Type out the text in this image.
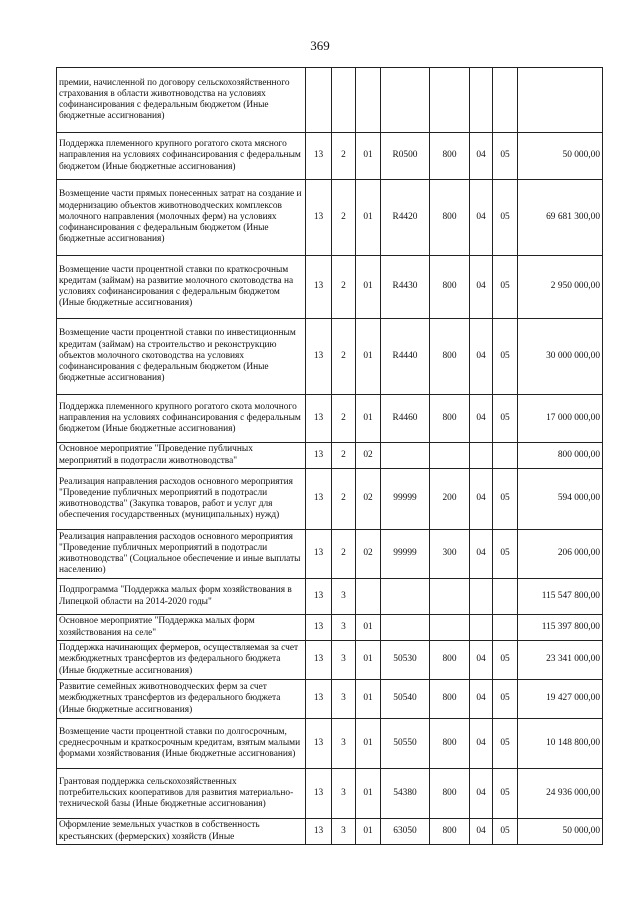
369
премии, начисленной по договору сельскохозяйственного страхования в области животноводства на условиях софинансирования с федеральным бюджетом (Иные бюджетные ассигнования)								
Поддержка племенного крупного рогатого скота мясного направления на условиях софинансирования с федеральным бюджетом (Иные бюджетные ассигнования)	13	2	01	R0500	800	04	05	50 000,00
Возмещение части прямых понесенных затрат на создание и модернизацию объектов животноводческих комплексов молочного направления (молочных ферм) на условиях софинансирования с федеральным бюджетом (Иные бюджетные ассигнования)	13	2	01	R4420	800	04	05	69 681 300,00
Возмещение части процентной ставки по краткосрочным кредитам (займам) на развитие молочного скотоводства на условиях софинансирования с федеральным бюджетом (Иные бюджетные ассигнования)	13	2	01	R4430	800	04	05	2 950 000,00
Возмещение части процентной ставки по инвестиционным кредитам (займам) на строительство и реконструкцию объектов молочного скотоводства на условиях софинансирования с федеральным бюджетом (Иные бюджетные ассигнования)	13	2	01	R4440	800	04	05	30 000 000,00
Поддержка племенного крупного рогатого скота молочного направления на условиях софинансирования с федеральным бюджетом (Иные бюджетные ассигнования)	13	2	01	R4460	800	04	05	17 000 000,00
Основное мероприятие "Проведение публичных мероприятий в подотрасли животноводства"	13	2	02					800 000,00
Реализация направления расходов основного мероприятия "Проведение публичных мероприятий в подотрасли животноводства" (Закупка товаров, работ и услуг для обеспечения государственных (муниципальных) нужд)	13	2	02	99999	200	04	05	594 000,00
Реализация направления расходов основного мероприятия "Проведение публичных мероприятий в подотрасли животноводства" (Социальное обеспечение и иные выплаты населению)	13	2	02	99999	300	04	05	206 000,00
Подпрограмма "Поддержка малых форм хозяйствования в Липецкой области на 2014-2020 годы"	13	3						115 547 800,00
Основное мероприятие "Поддержка малых форм хозяйствования на селе"	13	3	01					115 397 800,00
Поддержка начинающих фермеров, осуществляемая за счет межбюджетных трансфертов из федерального бюджета (Иные бюджетные ассигнования)	13	3	01	50530	800	04	05	23 341 000,00
Развитие семейных животноводческих ферм за счет межбюджетных трансфертов из федерального бюджета (Иные бюджетные ассигнования)	13	3	01	50540	800	04	05	19 427 000,00
Возмещение части процентной ставки по долгосрочным, среднесрочным и краткосрочным кредитам, взятым малыми формами хозяйствования (Иные бюджетные ассигнования)	13	3	01	50550	800	04	05	10 148 800,00
Грантовая поддержка сельскохозяйственных потребительских кооперативов для развития материально-технической базы (Иные бюджетные ассигнования)	13	3	01	54380	800	04	05	24 936 000,00
Оформление земельных участков в собственность крестьянских (фермерских) хозяйств (Иные	13	3	01	63050	800	04	05	50 000,00
